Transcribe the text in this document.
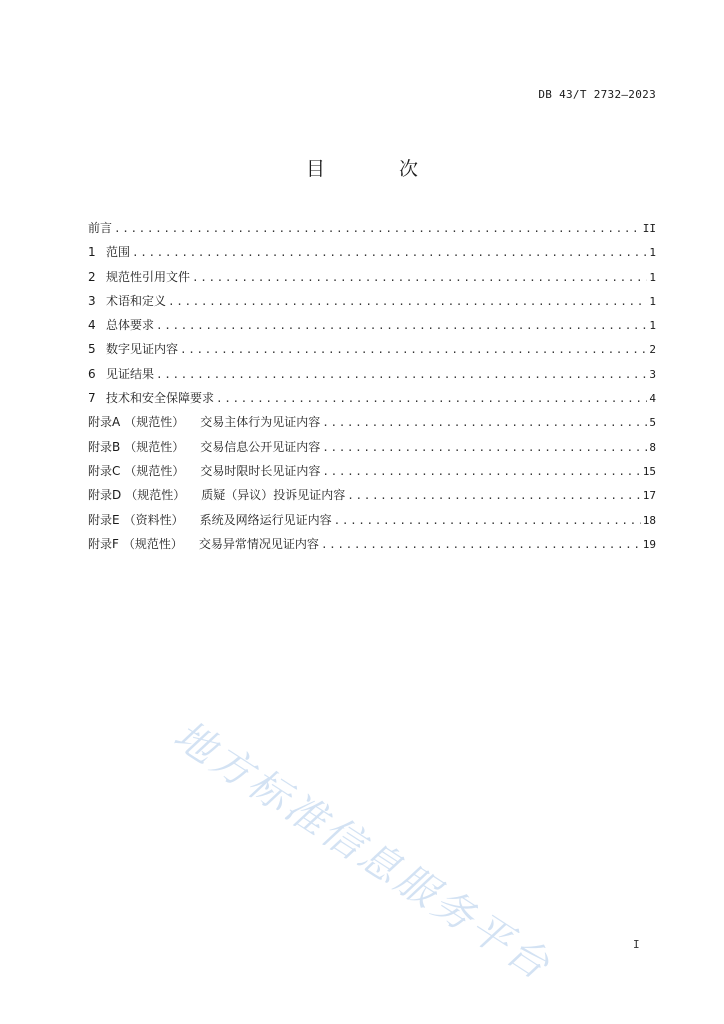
DB 43/T 2732—2023
目 次
前言 .....	II
1 范围 .....	1
2 规范性引用文件 .....	1
3 术语和定义 .....	1
4 总体要求 .....	1
5 数字见证内容 .....	2
6 见证结果 .....	3
7 技术和安全保障要求 .....	4
附录A （规范性） 交易主体行为见证内容 .....	5
附录B （规范性） 交易信息公开见证内容 .....	8
附录C （规范性） 交易时限时长见证内容 .....	15
附录D （规范性） 质疑（异议）投诉见证内容 .....	17
附录E （资料性） 系统及网络运行见证内容 .....	18
附录F （规范性） 交易异常情况见证内容 .....	19
地方标准信息服务平台	I
